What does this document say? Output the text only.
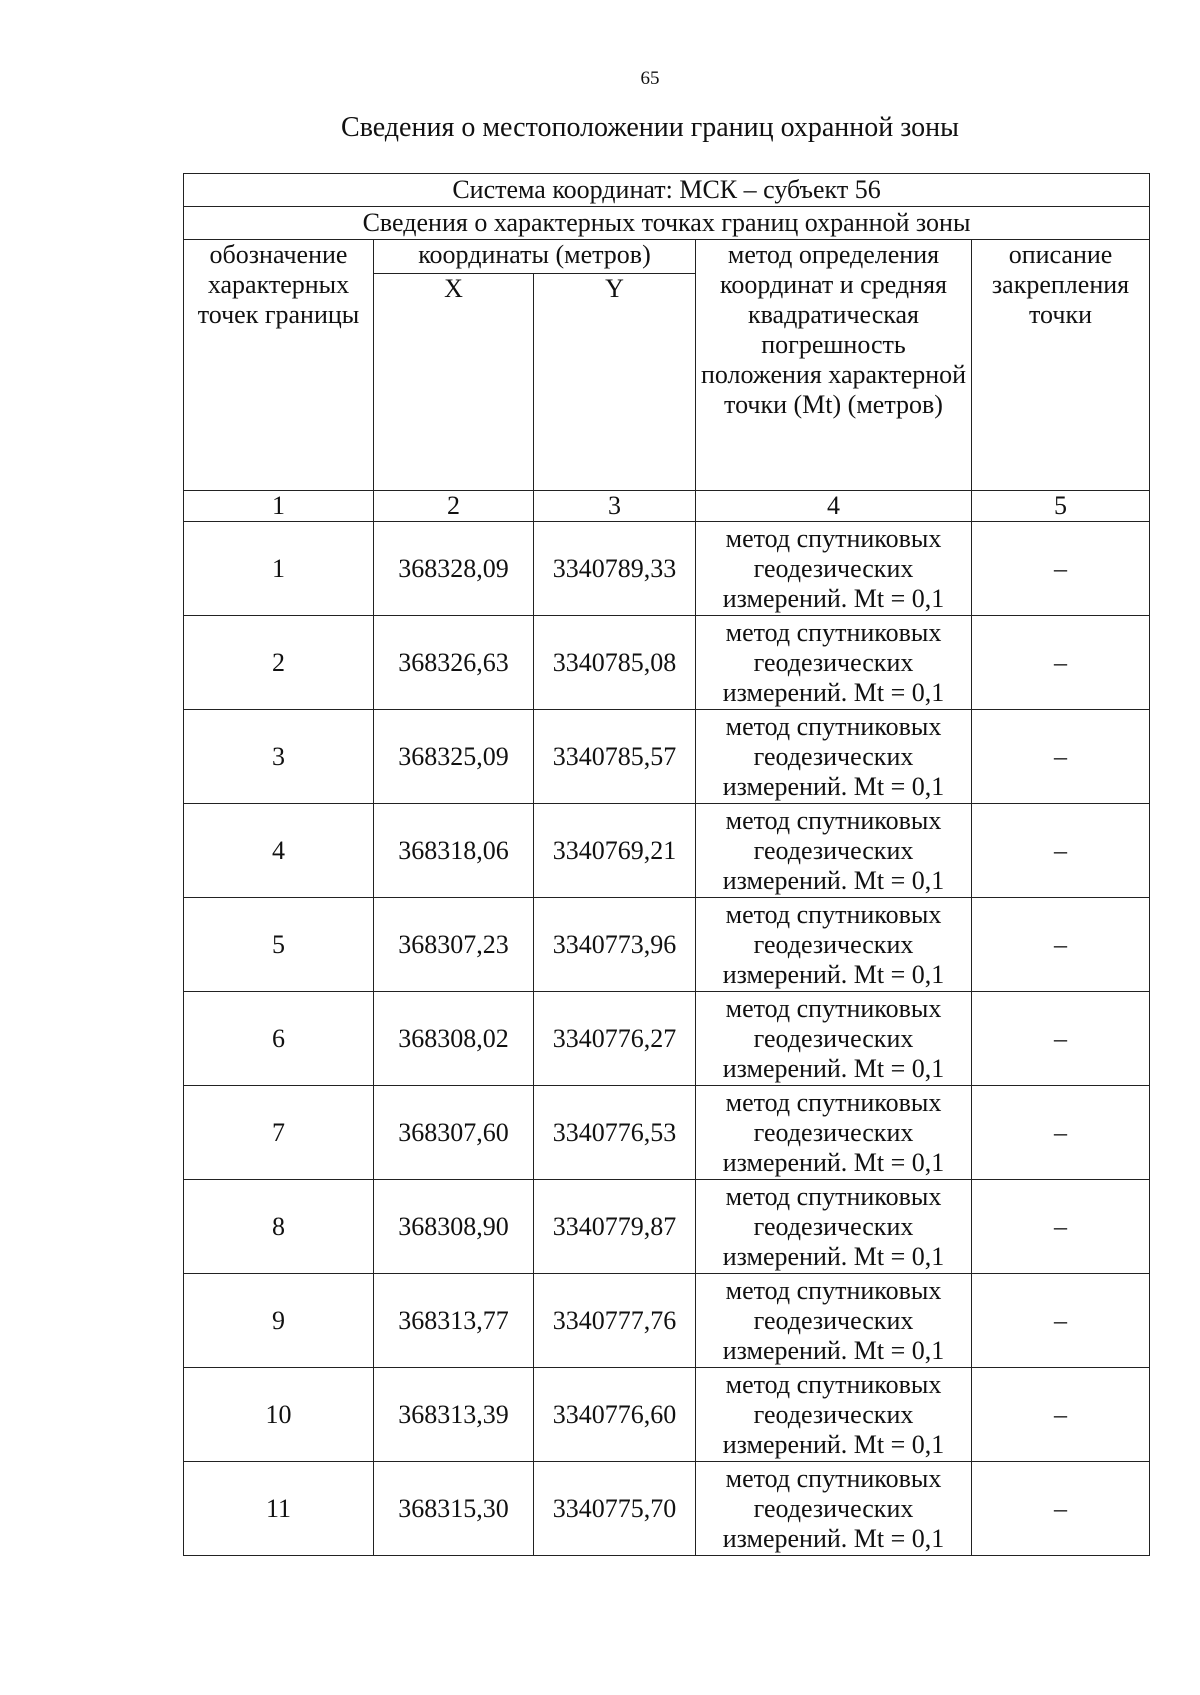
65
Сведения о местоположении границ охранной зоны
Система координат: МСК – субъект 56				
Сведения о характерных точках границ охранной зоны				
обозначение характерных точек границы	координаты (метров)		метод определения координат и средняя квадратическая погрешность положения характерной точки (Mt) (метров)	описание закрепления точки
	X	Y		
1	2	3	4	5
1	368328,09	3340789,33	метод спутниковых геодезических измерений. Mt = 0,1	–
2	368326,63	3340785,08	метод спутниковых геодезических измерений. Mt = 0,1	–
3	368325,09	3340785,57	метод спутниковых геодезических измерений. Mt = 0,1	–
4	368318,06	3340769,21	метод спутниковых геодезических измерений. Mt = 0,1	–
5	368307,23	3340773,96	метод спутниковых геодезических измерений. Mt = 0,1	–
6	368308,02	3340776,27	метод спутниковых геодезических измерений. Mt = 0,1	–
7	368307,60	3340776,53	метод спутниковых геодезических измерений. Mt = 0,1	–
8	368308,90	3340779,87	метод спутниковых геодезических измерений. Mt = 0,1	–
9	368313,77	3340777,76	метод спутниковых геодезических измерений. Mt = 0,1	–
10	368313,39	3340776,60	метод спутниковых геодезических измерений. Mt = 0,1	–
11	368315,30	3340775,70	метод спутниковых геодезических измерений. Mt = 0,1	–
